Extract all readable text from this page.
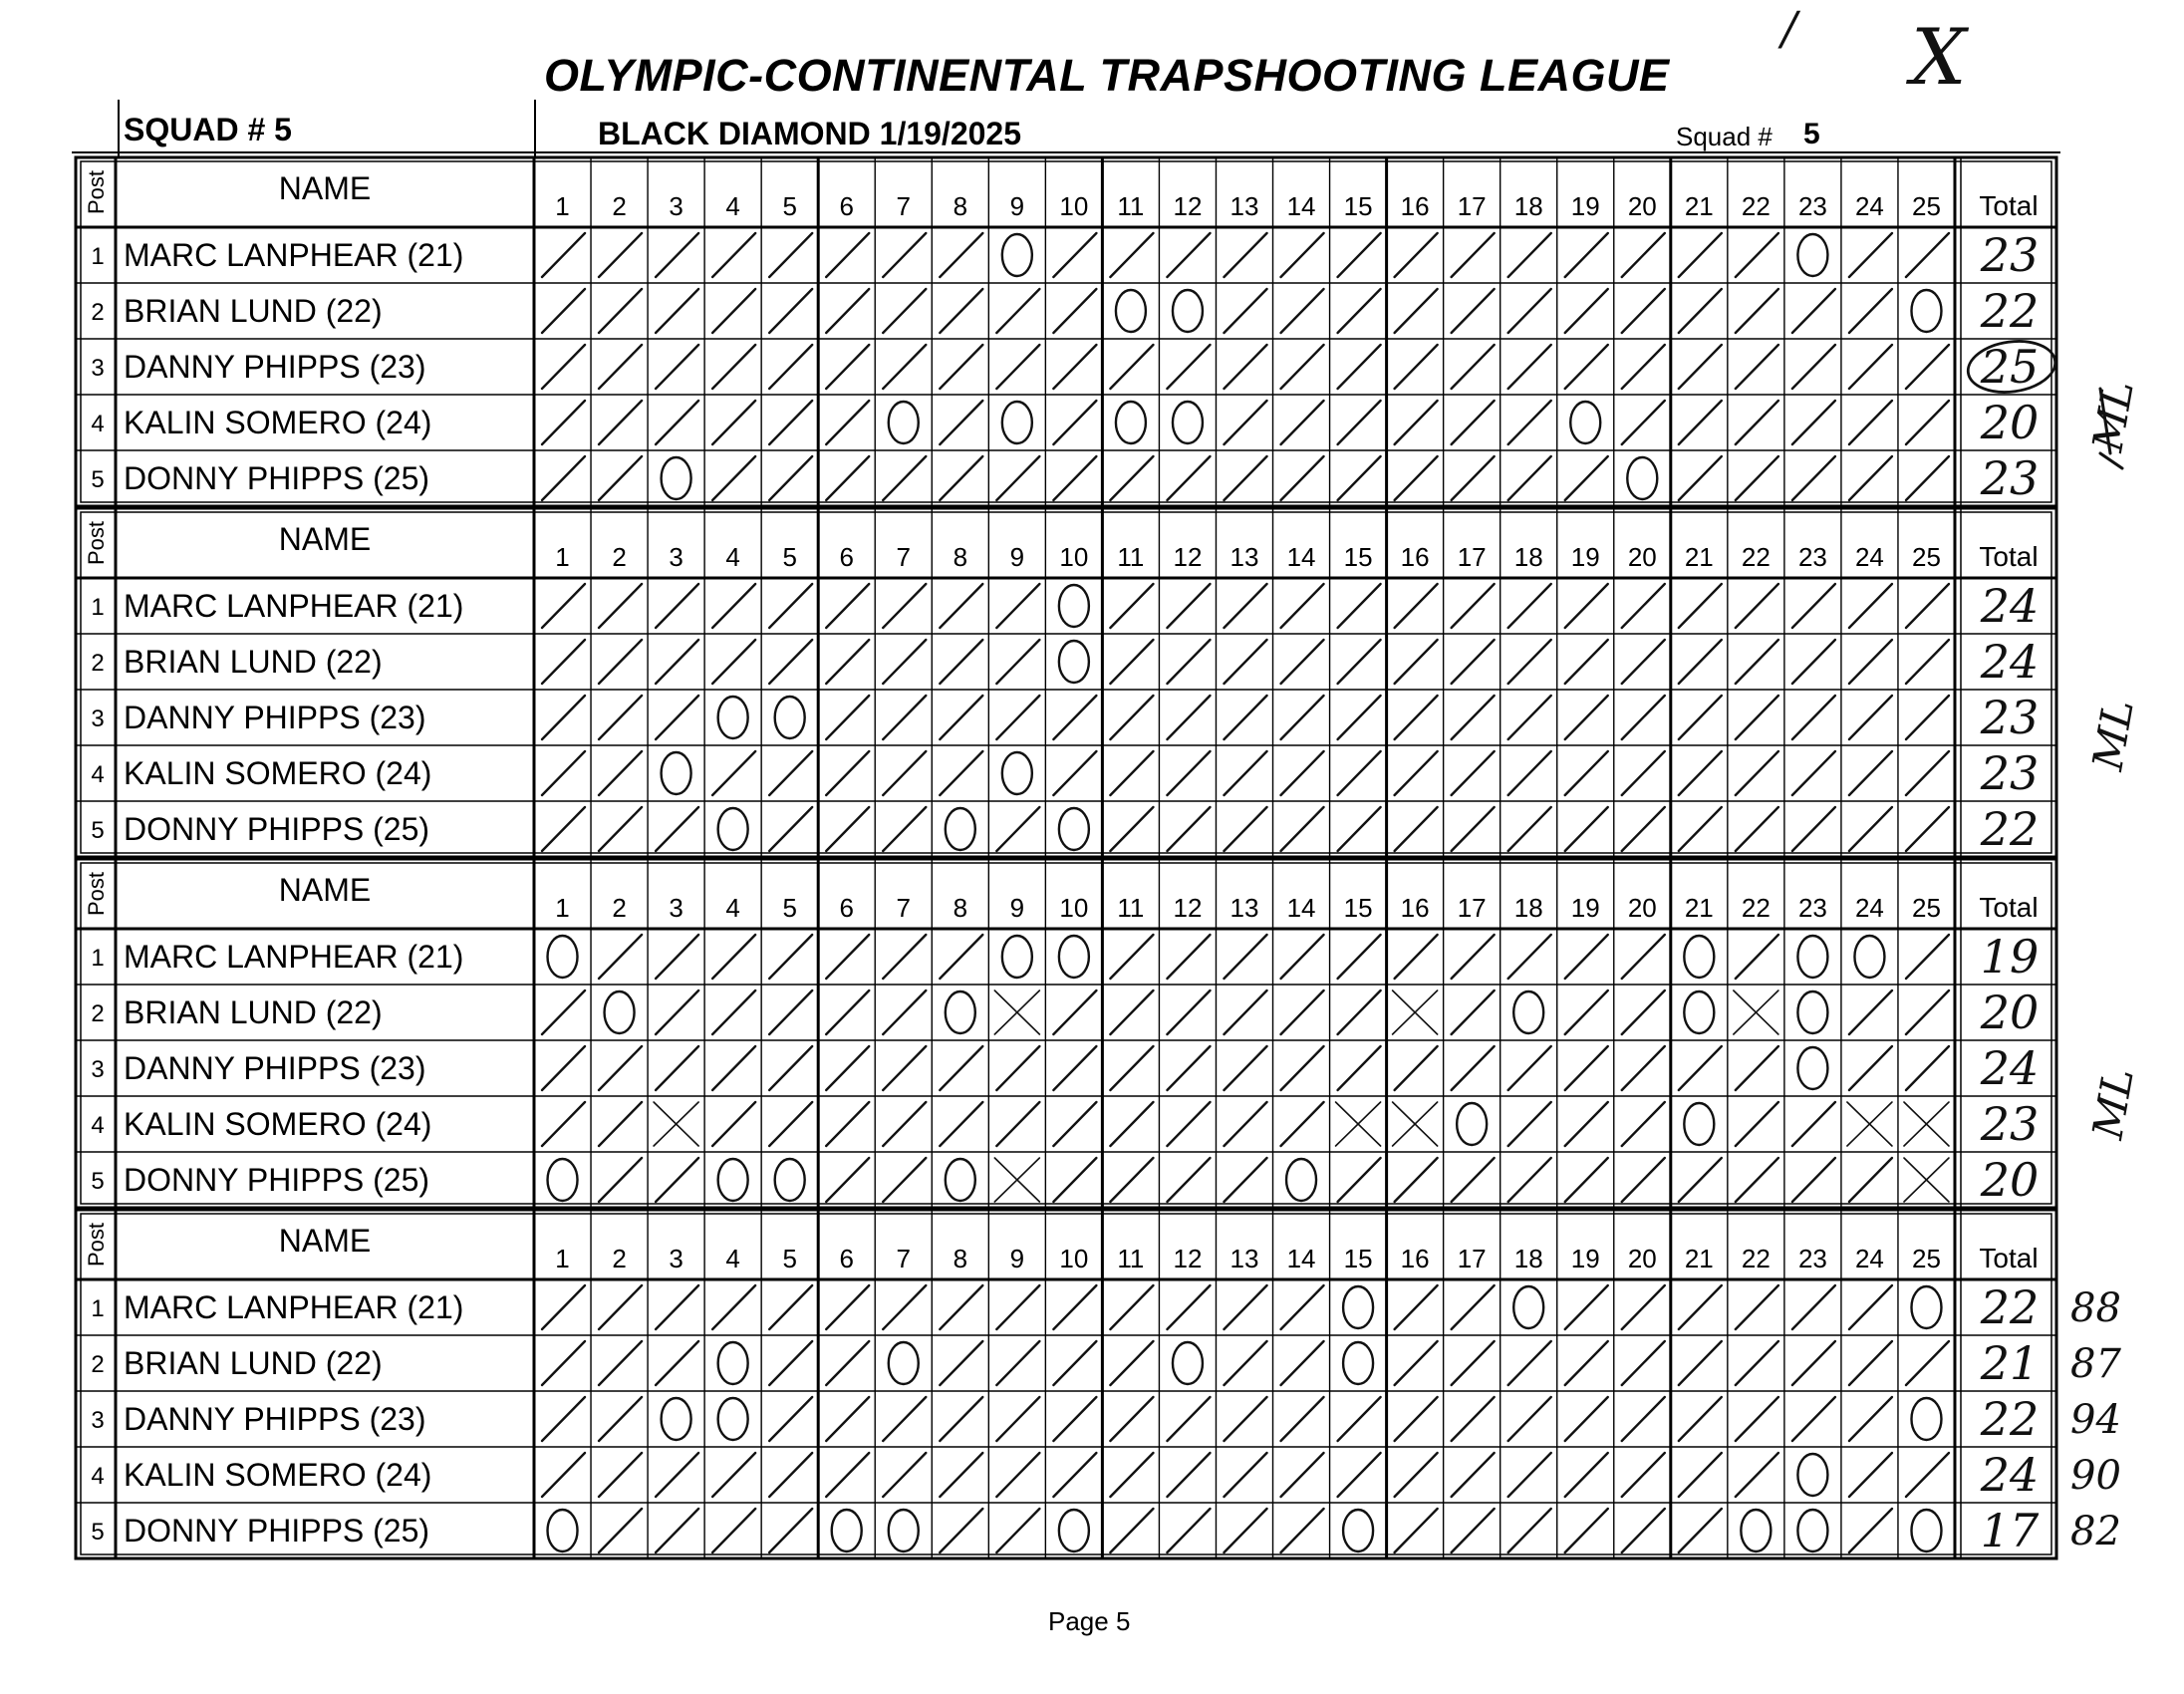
OLYMPIC-CONTINENTAL TRAPSHOOTING LEAGUE
SQUAD # 5	BLACK DIAMOND 1/19/2025	Squad # 5
Post	NAME	1 2 3 4 5 6 7 8 9 10 11 12 13 14 15 16 17 18 19 20 21 22 23 24 25 Total
1 MARC LANPHEAR (21)	23
2 BRIAN LUND (22)	22
3 DANNY PHIPPS (23)	25
4 KALIN SOMERO (24)	20
5 DONNY PHIPPS (25)	23
Post	NAME	1 2 3 4 5 6 7 8 9 10 11 12 13 14 15 16 17 18 19 20 21 22 23 24 25 Total
1 MARC LANPHEAR (21)	24
2 BRIAN LUND (22)	24
3 DANNY PHIPPS (23)	23
4 KALIN SOMERO (24)	23
5 DONNY PHIPPS (25)	22
Post	NAME	1 2 3 4 5 6 7 8 9 10 11 12 13 14 15 16 17 18 19 20 21 22 23 24 25 Total
1 MARC LANPHEAR (21)	19
2 BRIAN LUND (22)	20
3 DANNY PHIPPS (23)	24
4 KALIN SOMERO (24)	23
5 DONNY PHIPPS (25)	20
Post	NAME	1 2 3 4 5 6 7 8 9 10 11 12 13 14 15 16 17 18 19 20 21 22 23 24 25 Total
1 MARC LANPHEAR (21)	22 88
2 BRIAN LUND (22)	21 87
3 DANNY PHIPPS (23)	22 94
4 KALIN SOMERO (24)	24 90
5 DONNY PHIPPS (25)	17 82
ML
ML
ML
/ X
Page 5
